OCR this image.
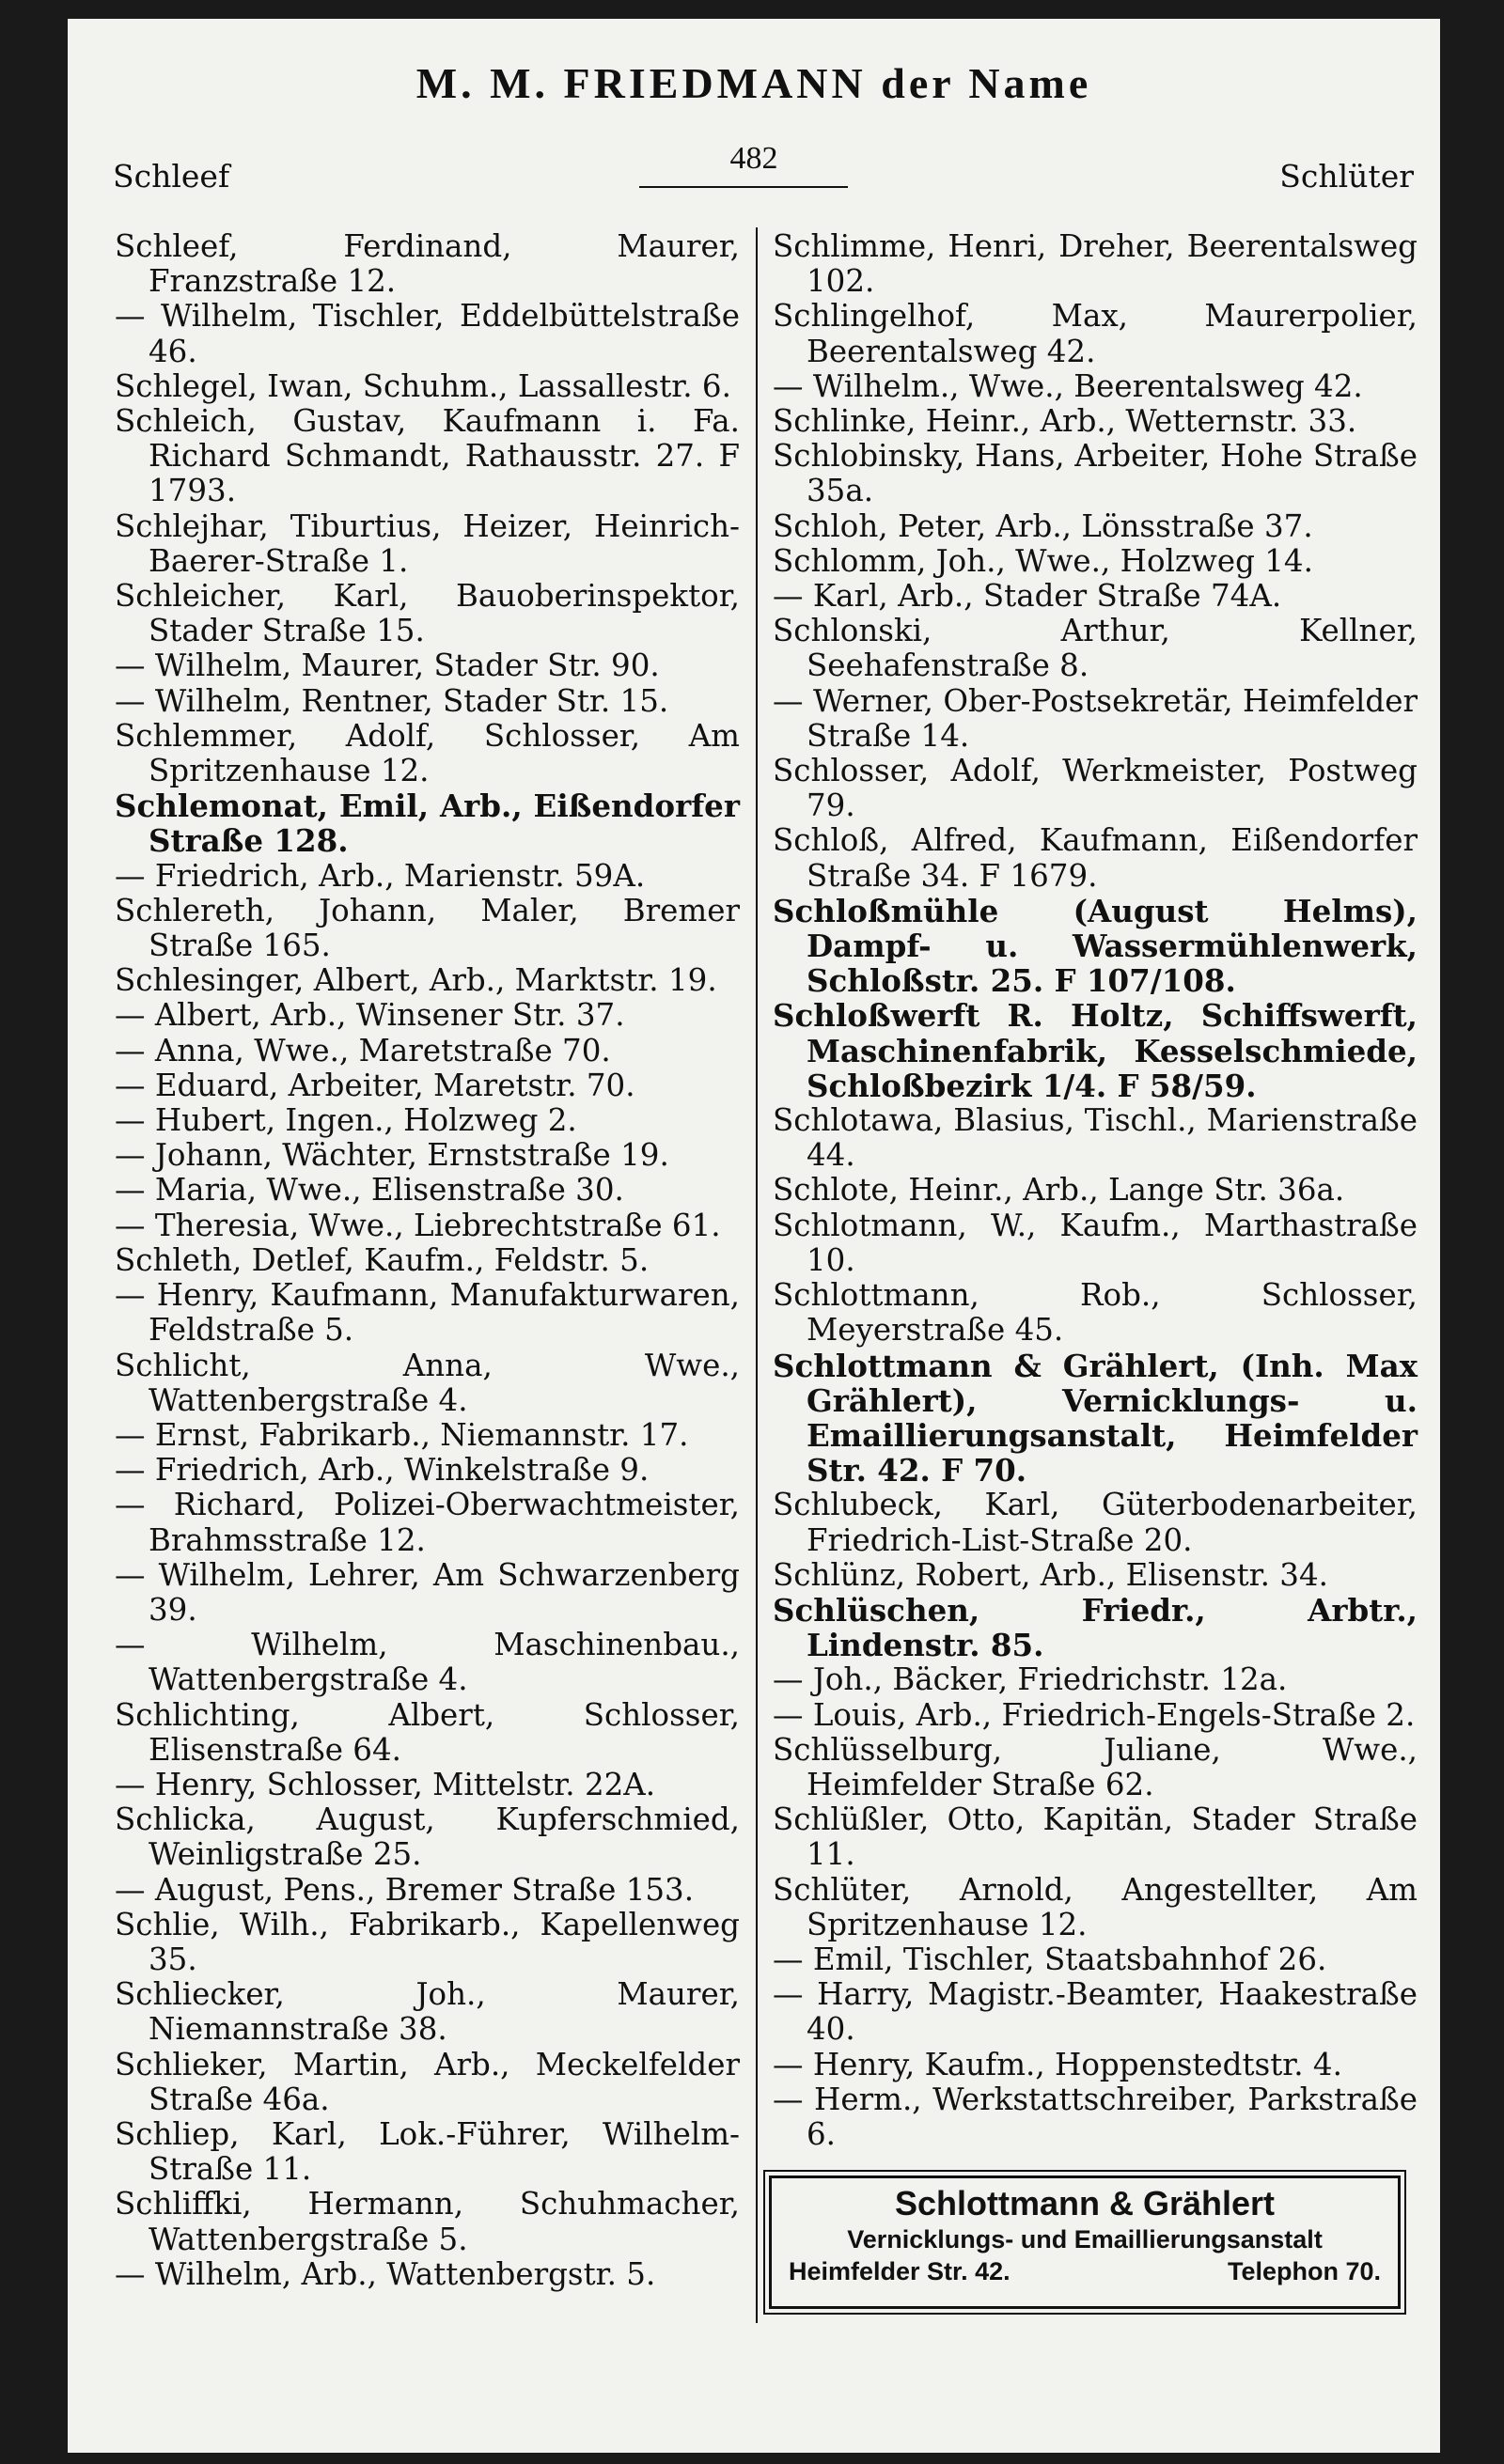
M. M. FRIEDMANN der Name
Schleef	482	Schlüter

Schleef, Ferdinand, Maurer, Franzstraße 12.

— Wilhelm, Tischler, Eddelbüttelstraße 46.

Schlegel, Iwan, Schuhm., Lassallestr. 6.

Schleich, Gustav, Kaufmann i. Fa. Richard Schmandt, Rathausstr. 27. F 1793.

Schlejhar, Tiburtius, Heizer, Heinrich-Baerer-Straße 1.

Schleicher, Karl, Bauoberinspektor, Stader Straße 15.

— Wilhelm, Maurer, Stader Str. 90.

— Wilhelm, Rentner, Stader Str. 15.

Schlemmer, Adolf, Schlosser, Am Spritzenhause 12.

Schlemonat, Emil, Arb., Eißendorfer Straße 128.

— Friedrich, Arb., Marienstr. 59A.

Schlereth, Johann, Maler, Bremer Straße 165.

Schlesinger, Albert, Arb., Marktstr. 19.

— Albert, Arb., Winsener Str. 37.

— Anna, Wwe., Maretstraße 70.

— Eduard, Arbeiter, Maretstr. 70.

— Hubert, Ingen., Holzweg 2.

— Johann, Wächter, Ernststraße 19.

— Maria, Wwe., Elisenstraße 30.

— Theresia, Wwe., Liebrechtstraße 61.

Schleth, Detlef, Kaufm., Feldstr. 5.

— Henry, Kaufmann, Manufakturwaren, Feldstraße 5.

Schlicht, Anna, Wwe., Wattenbergstraße 4.

— Ernst, Fabrikarb., Niemannstr. 17.

— Friedrich, Arb., Winkelstraße 9.

— Richard, Polizei-Oberwachtmeister, Brahmsstraße 12.

— Wilhelm, Lehrer, Am Schwarzenberg 39.

— Wilhelm, Maschinenbau., Wattenbergstraße 4.

Schlichting, Albert, Schlosser, Elisenstraße 64.

— Henry, Schlosser, Mittelstr. 22A.

Schlicka, August, Kupferschmied, Weinligstraße 25.

— August, Pens., Bremer Straße 153.

Schlie, Wilh., Fabrikarb., Kapellenweg 35.

Schliecker, Joh., Maurer, Niemannstraße 38.

Schlieker, Martin, Arb., Meckelfelder Straße 46a.

Schliep, Karl, Lok.-Führer, Wilhelm-Straße 11.

Schliffki, Hermann, Schuhmacher, Wattenbergstraße 5.

— Wilhelm, Arb., Wattenbergstr. 5.

Schlimme, Henri, Dreher, Beerentalsweg 102.

Schlingelhof, Max, Maurerpolier, Beerentalsweg 42.

— Wilhelm., Wwe., Beerentalsweg 42.

Schlinke, Heinr., Arb., Wetternstr. 33.

Schlobinsky, Hans, Arbeiter, Hohe Straße 35a.

Schloh, Peter, Arb., Lönsstraße 37.

Schlomm, Joh., Wwe., Holzweg 14.

— Karl, Arb., Stader Straße 74A.

Schlonski, Arthur, Kellner, Seehafenstraße 8.

— Werner, Ober-Postsekretär, Heimfelder Straße 14.

Schlosser, Adolf, Werkmeister, Postweg 79.

Schloß, Alfred, Kaufmann, Eißendorfer Straße 34. F 1679.

Schloßmühle (August Helms), Dampf- u. Wassermühlenwerk, Schloßstr. 25. F 107/108.

Schloßwerft R. Holtz, Schiffswerft, Maschinenfabrik, Kesselschmiede, Schloßbezirk 1/4. F 58/59.

Schlotawa, Blasius, Tischl., Marienstraße 44.

Schlote, Heinr., Arb., Lange Str. 36a.

Schlotmann, W., Kaufm., Marthastraße 10.

Schlottmann, Rob., Schlosser, Meyerstraße 45.

Schlottmann & Grählert, (Inh. Max Grählert), Vernicklungs- u. Emaillierungsanstalt, Heimfelder Str. 42. F 70.

Schlubeck, Karl, Güterbodenarbeiter, Friedrich-List-Straße 20.

Schlünz, Robert, Arb., Elisenstr. 34.

Schlüschen, Friedr., Arbtr., Lindenstr. 85.

— Joh., Bäcker, Friedrichstr. 12a.

— Louis, Arb., Friedrich-Engels-Straße 2.

Schlüsselburg, Juliane, Wwe., Heimfelder Straße 62.

Schlüßler, Otto, Kapitän, Stader Straße 11.

Schlüter, Arnold, Angestellter, Am Spritzenhause 12.

— Emil, Tischler, Staatsbahnhof 26.

— Harry, Magistr.-Beamter, Haakestraße 40.

— Henry, Kaufm., Hoppenstedtstr. 4.

— Herm., Werkstattschreiber, Parkstraße 6.

Schlottmann & Grählert
Vernicklungs- und Emaillierungsanstalt
Heimfelder Str. 42.	Telephon 70.
